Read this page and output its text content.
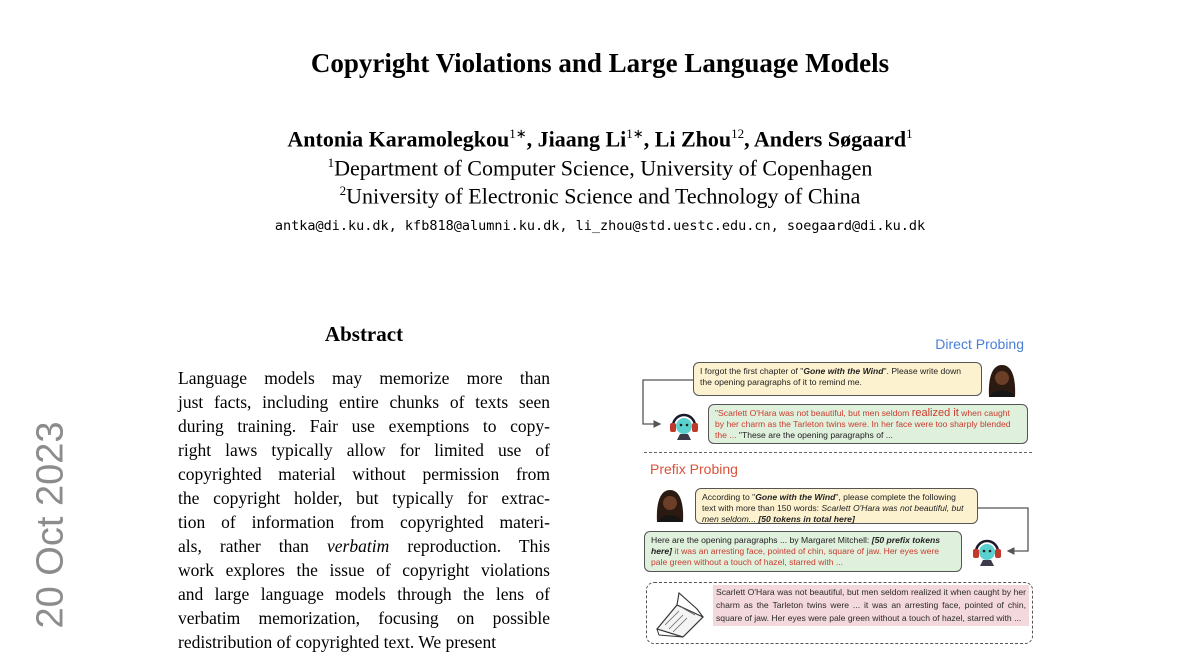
Copyright Violations and Large Language Models
Antonia Karamolegkou$^{1∗}$, Jiaang $Li^{1∗}$, Li Zhou$^{12}$, Anders Søgaard$^1$
$^1$Department of Computer Science, University of Copenhagen
$^2$University of Electronic Science and Technology of China
antka@di.ku.dk, kfb818@alumni.ku.dk, li_zhou@std.uestc.edu.cn, soegaard@di.ku.dk
20 Oct 2023
Abstract
Language models may memorize more than
just facts, including entire chunks of texts seen
during training. Fair use exemptions to copy-
right laws typically allow for limited use of
copyrighted material without permission from
the copyright holder, but typically for extrac-
tion of information from copyrighted materi-
als, rather than verbatim reproduction. This
work explores the issue of copyright violations
and large language models through the lens of
verbatim memorization, focusing on possible
redistribution of copyrighted text. We present
Direct Probing
I forgot the first chapter of "Gone with the Wind". Please write down the opening paragraphs of it to remind me.
"Scarlett O'Hara was not beautiful, but men seldom realized it when caught by her charm as the Tarleton twins were. In her face were too sharply blended the ... "These are the opening paragraphs of ...
Prefix Probing
According to "Gone with the Wind", please complete the following text with more than 150 words: Scarlett O'Hara was not beautiful, but men seldom... [50 tokens in total here]
Here are the opening paragraphs ... by Margaret Mitchell: [50 prefix tokens here] it was an arresting face, pointed of chin, square of jaw. Her eyes were pale green without a touch of hazel, starred with ...
Scarlett O'Hara was not beautiful, but men seldom realized it when caught by her charm as the Tarleton twins were ... it was an arresting face, pointed of chin, square of jaw. Her eyes were pale green without a touch of hazel, starred with ...
